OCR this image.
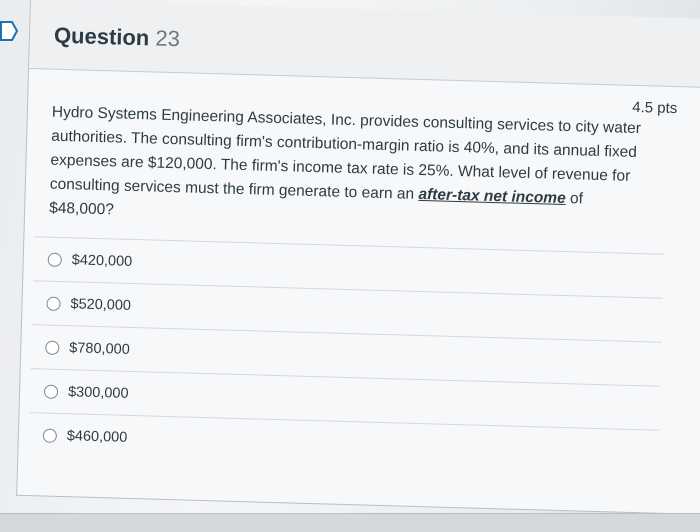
Question 23
4.5 pts
Hydro Systems Engineering Associates, Inc. provides consulting services to city water authorities. The consulting firm's contribution-margin ratio is 40%, and its annual fixed expenses are $120,000. The firm's income tax rate is 25%. What level of revenue for consulting services must the firm generate to earn an after-tax net income of $48,000?
$420,000
$520,000
$780,000
$300,000
$460,000
